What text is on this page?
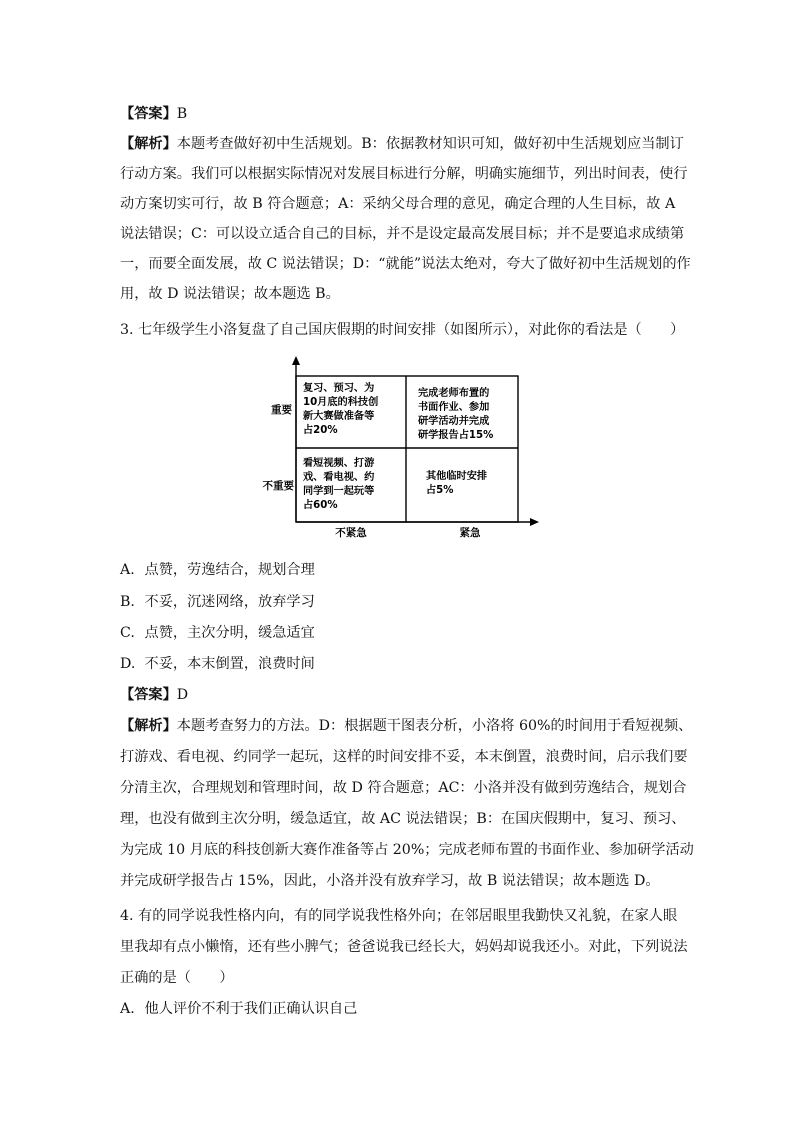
【答案】B
【解析】本题考查做好初中生活规划。B：依据教材知识可知，做好初中生活规划应当制订
行动方案。我们可以根据实际情况对发展目标进行分解，明确实施细节，列出时间表，使行
动方案切实可行，故 B 符合题意；A：采纳父母合理的意见，确定合理的人生目标，故 A
说法错误；C：可以设立适合自己的目标，并不是设定最高发展目标；并不是要追求成绩第
一，而要全面发展，故 C 说法错误；D：“就能”说法太绝对，夸大了做好初中生活规划的作
用，故 D 说法错误；故本题选 B。
3. 七年级学生小洛复盘了自己国庆假期的时间安排（如图所示），对此你的看法是（　　）
重要
不重要
不紧急	紧急
复习、预习、为
10月底的科技创
新大赛做准备等
占20%
完成老师布置的
书面作业、参加
研学活动并完成
研学报告占15%
看短视频、打游
戏、看电视、约
同学到一起玩等
占60%
其他临时安排
占5%
A. 点赞，劳逸结合，规划合理
B. 不妥，沉迷网络，放弃学习
C. 点赞，主次分明，缓急适宜
D. 不妥，本末倒置，浪费时间
【答案】D
【解析】本题考查努力的方法。D：根据题干图表分析，小洛将 60%的时间用于看短视频、
打游戏、看电视、约同学一起玩，这样的时间安排不妥，本末倒置，浪费时间，启示我们要
分清主次，合理规划和管理时间，故 D 符合题意；AC：小洛并没有做到劳逸结合，规划合
理，也没有做到主次分明，缓急适宜，故 AC 说法错误；B：在国庆假期中，复习、预习、
为完成 10 月底的科技创新大赛作准备等占 20%；完成老师布置的书面作业、参加研学活动
并完成研学报告占 15%，因此，小洛并没有放弃学习，故 B 说法错误；故本题选 D。
4. 有的同学说我性格内向，有的同学说我性格外向；在邻居眼里我勤快又礼貌，在家人眼
里我却有点小懒惰，还有些小脾气；爸爸说我已经长大，妈妈却说我还小。对此，下列说法
正确的是（　　）
A. 他人评价不利于我们正确认识自己
